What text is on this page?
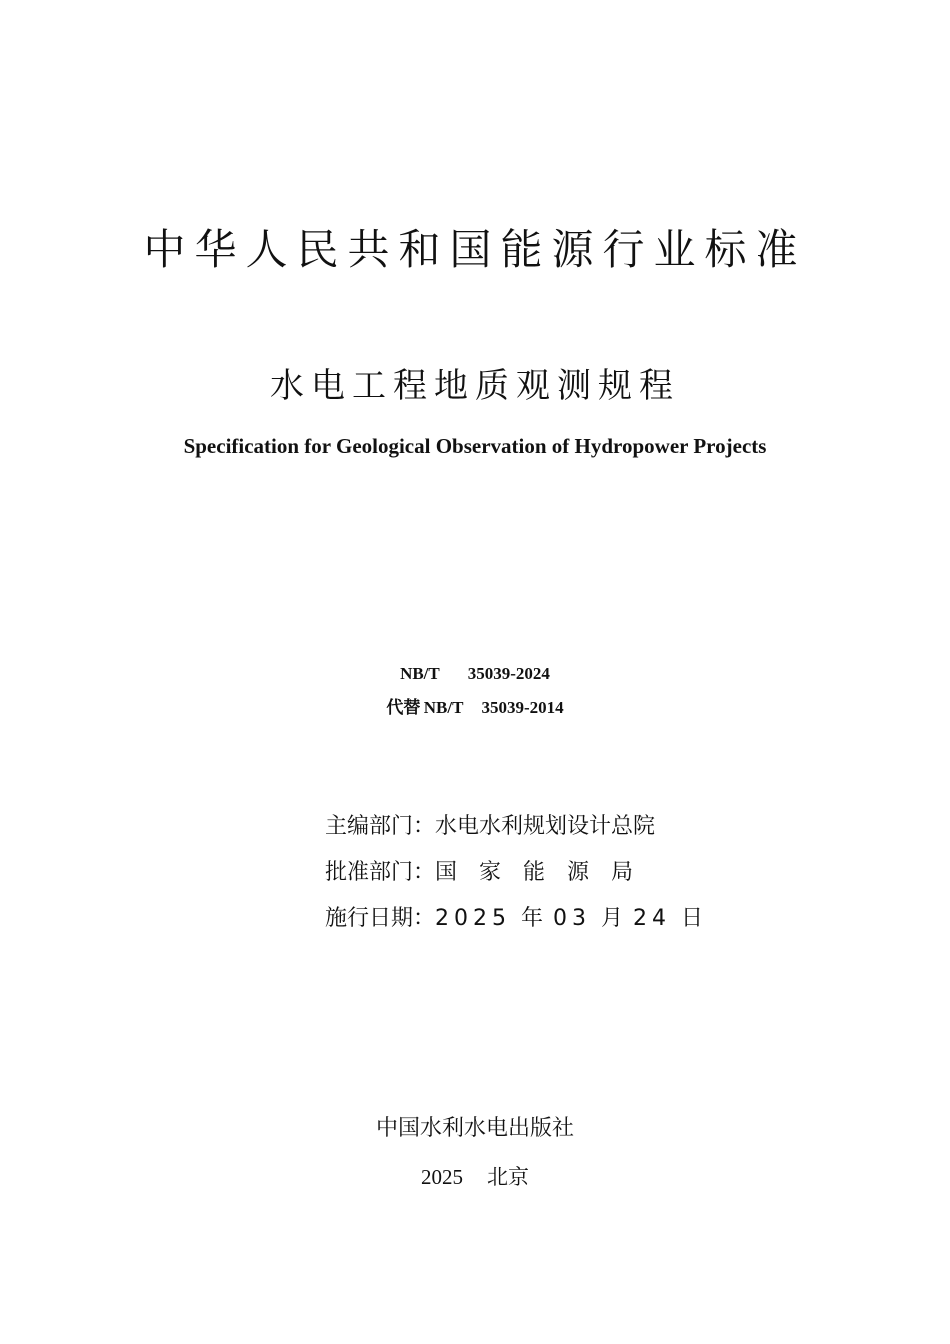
中华人民共和国能源行业标准
水电工程地质观测规程
Specification for Geological Observation of Hydropower Projects
NB/T 35039-2024
代替  NB/T 35039-2014
主编部门：水电水利规划设计总院
批准部门：国家能源局
施行日期：2025 年 03 月 24 日
中国水利水电出版社
2025 北京
